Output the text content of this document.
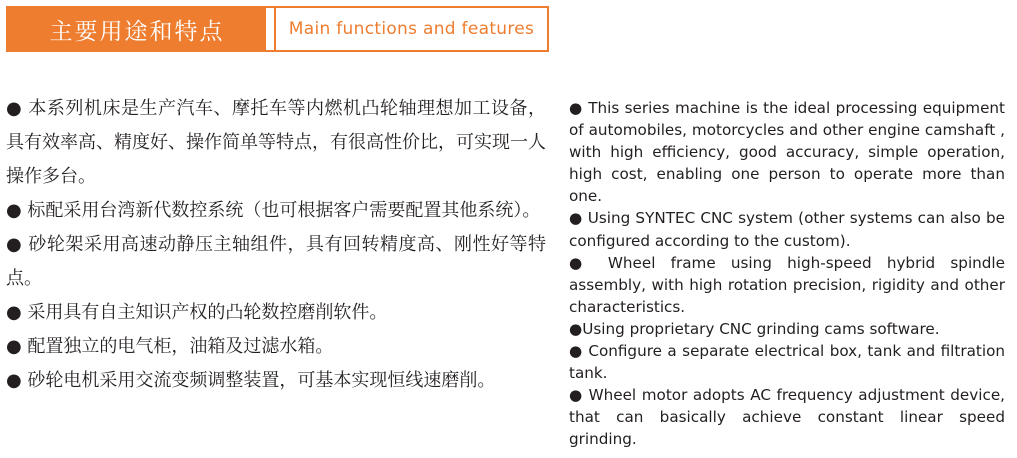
主要用途和特点	Main functions and features
● 本系列机床是生产汽车、摩托车等内燃机凸轮轴理想加工设备，具有效率高、精度好、操作简单等特点，有很高性价比，可实现一人操作多台。
● 标配采用台湾新代数控系统（也可根据客户需要配置其他系统）。
● 砂轮架采用高速动静压主轴组件，具有回转精度高、刚性好等特点。
● 采用具有自主知识产权的凸轮数控磨削软件。
● 配置独立的电气柜，油箱及过滤水箱。
● 砂轮电机采用交流变频调整装置，可基本实现恒线速磨削。
● This series machine is the ideal processing equipment of automobiles, motorcycles and other engine camshaft , with high efficiency, good accuracy, simple operation, high cost, enabling one person to operate more than one.
● Using SYNTEC CNC system (other systems can also be configured according to the custom).
● Wheel frame using high-speed hybrid spindle assembly, with high rotation precision, rigidity and other characteristics.
●Using proprietary CNC grinding cams software.
● Configure a separate electrical box, tank and filtration tank.
● Wheel motor adopts AC frequency adjustment device, that can basically achieve constant linear speed grinding.
